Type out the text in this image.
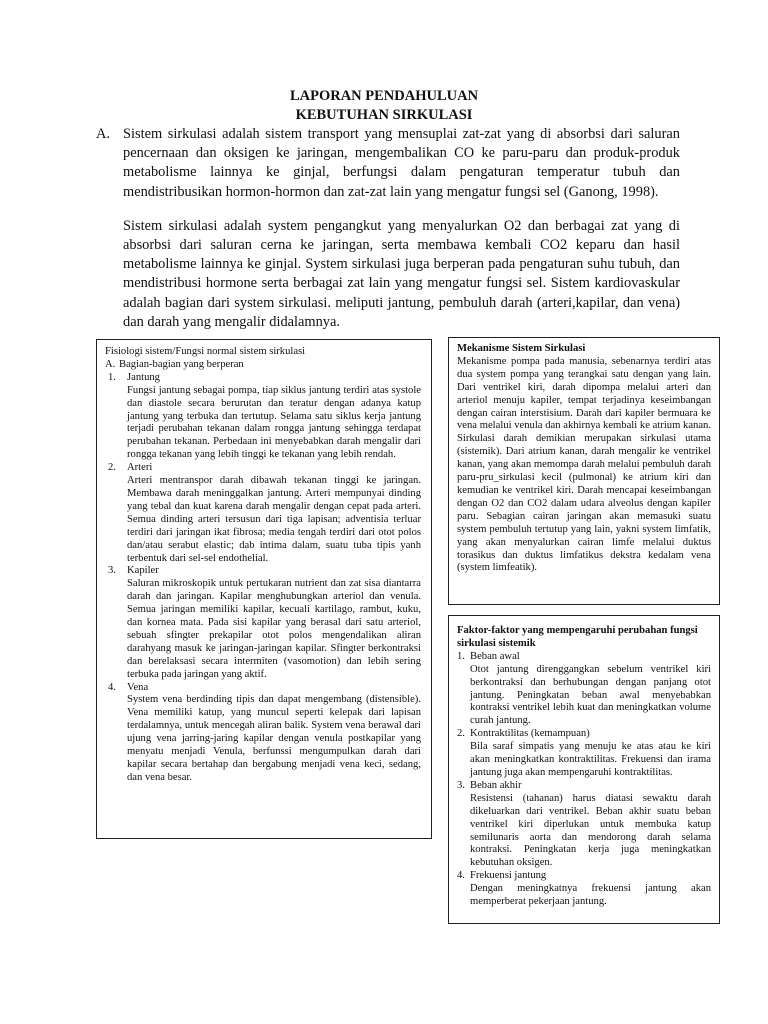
LAPORAN PENDAHULUAN
KEBUTUHAN SIRKULASI
A. Sistem sirkulasi adalah sistem transport yang mensuplai zat-zat yang di absorbsi dari saluran pencernaan dan oksigen ke jaringan, mengembalikan CO ke paru-paru dan produk-produk metabolisme lainnya ke ginjal, berfungsi dalam pengaturan temperatur tubuh dan mendistribusikan hormon-hormon dan zat-zat lain yang mengatur fungsi sel (Ganong, 1998).
Sistem sirkulasi adalah system pengangkut yang menyalurkan O2 dan berbagai zat yang di absorbsi dari saluran cerna ke jaringan, serta membawa kembali CO2 keparu dan hasil metabolisme lainnya ke ginjal. System sirkulasi juga berperan pada pengaturan suhu tubuh, dan mendistribusi hormone serta berbagai zat lain yang mengatur fungsi sel. Sistem kardiovaskular adalah bagian dari system sirkulasi. meliputi jantung, pembuluh darah (arteri,kapilar, dan vena) dan darah yang mengalir didalamnya.
Fisiologi sistem/Fungsi normal sistem sirkulasi
A. Bagian-bagian yang berperan
1.	Jantung
Fungsi jantung sebagai pompa, tiap siklus jantung terdiri atas systole dan diastole secara berurutan dan teratur dengan adanya katup jantung yang terbuka dan tertutup. Selama satu siklus kerja jantung terjadi perubahan tekanan dalam rongga jantung sehingga terdapat perubahan tekanan. Perbedaan ini menyebabkan darah mengalir dari rongga tekanan yang lebih tinggi ke tekanan yang lebih rendah.
2.	Arteri
Arteri mentranspor darah dibawah tekanan tinggi ke jaringan. Membawa darah meninggalkan jantung. Arteri mempunyai dinding yang tebal dan kuat karena darah mengalir dengan cepat pada arteri. Semua dinding arteri tersusun dari tiga lapisan; adventisia terluar terdiri dari jaringan ikat fibrosa; media tengah terdiri dari otot polos dan/atau serabut elastic; dab intima dalam, suatu tuba tipis yanh terbentuk dari sel-sel endothelial.
3.	Kapiler
Saluran mikroskopik untuk pertukaran nutrient dan zat sisa diantarra darah dan jaringan. Kapilar menghubungkan arteriol dan venula. Semua jaringan memiliki kapilar, kecuali kartilago, rambut, kuku, dan kornea mata. Pada sisi kapilar yang berasal dari satu arteriol, sebuah sfingter prekapilar otot polos mengendalikan aliran darahyang masuk ke jaringan-jaringan kapilar. Sfingter berkontraksi dan berelaksasi secara intermiten (vasomotion) dan lebih sering terbuka pada jaringan yang aktif.
4.	Vena
System vena berdinding tipis dan dapat mengembang (distensible). Vena memiliki katup, yang muncul seperti kelepak dari lapisan terdalamnya, untuk mencegah aliran balik. System vena berawal dari ujung vena jarring-jaring kapilar dengan venula postkapilar yang menyatu menjadi Venula, berfunssi mengumpulkan darah dari kapilar secara bertahap dan bergabung menjadi vena keci, sedang, dan vena besar.
Mekanisme Sistem Sirkulasi
Mekanisme pompa pada manusia, sebenarnya terdiri atas dua system pompa yang terangkai satu dengan yang lain. Dari ventrikel kiri, darah dipompa melalui arteri dan arteriol menuju kapiler, tempat terjadinya keseimbangan dengan cairan interstisium. Darah dari kapiler bermuara ke vena melalui venula dan akhirnya kembali ke atrium kanan. Sirkulasi darah demikian merupakan sirkulasi utama (sistemik). Dari atrium kanan, darah mengalir ke ventrikel kanan, yang akan memompa darah melalui pembuluh darah paru-pru_sirkulasi kecil (pulmonal) ke atrium kiri dan kemudian ke ventrikel kiri. Darah mencapai keseimbangan dengan O2 dan CO2 dalam udara alveolus dengan kapiler paru. Sebagian cairan jaringan akan memasuki suatu system pembuluh tertutup yang lain, yakni system limfatik, yang akan menyalurkan cairan limfe melalui duktus torasikus dan duktus limfatikus dekstra kedalam vena (system limfeatik).
Faktor-faktor yang mempengaruhi perubahan fungsi sirkulasi sistemik
1. Beban awal
Otot jantung direnggangkan sebelum ventrikel kiri berkontraksi dan berhubungan dengan panjang otot jantung. Peningkatan beban awal menyebabkan kontraksi ventrikel lebih kuat dan meningkatkan volume curah jantung.
2. Kontraktilitas (kemampuan)
Bila saraf simpatis yang menuju ke atas atau ke kiri akan meningkatkan kontraktilitas. Frekuensi dan irama jantung juga akan mempengaruhi kontraktilitas.
3. Beban akhir
Resistensi (tahanan) harus diatasi sewaktu darah dikeluarkan dari ventrikel. Beban akhir suatu beban ventrikel kiri diperlukan untuk membuka katup semilunaris aorta dan mendorong darah selama kontraksi. Peningkatan kerja juga meningkatkan kebutuhan oksigen.
4. Frekuensi jantung
Dengan meningkatnya frekuensi jantung akan memperberat pekerjaan jantung.
